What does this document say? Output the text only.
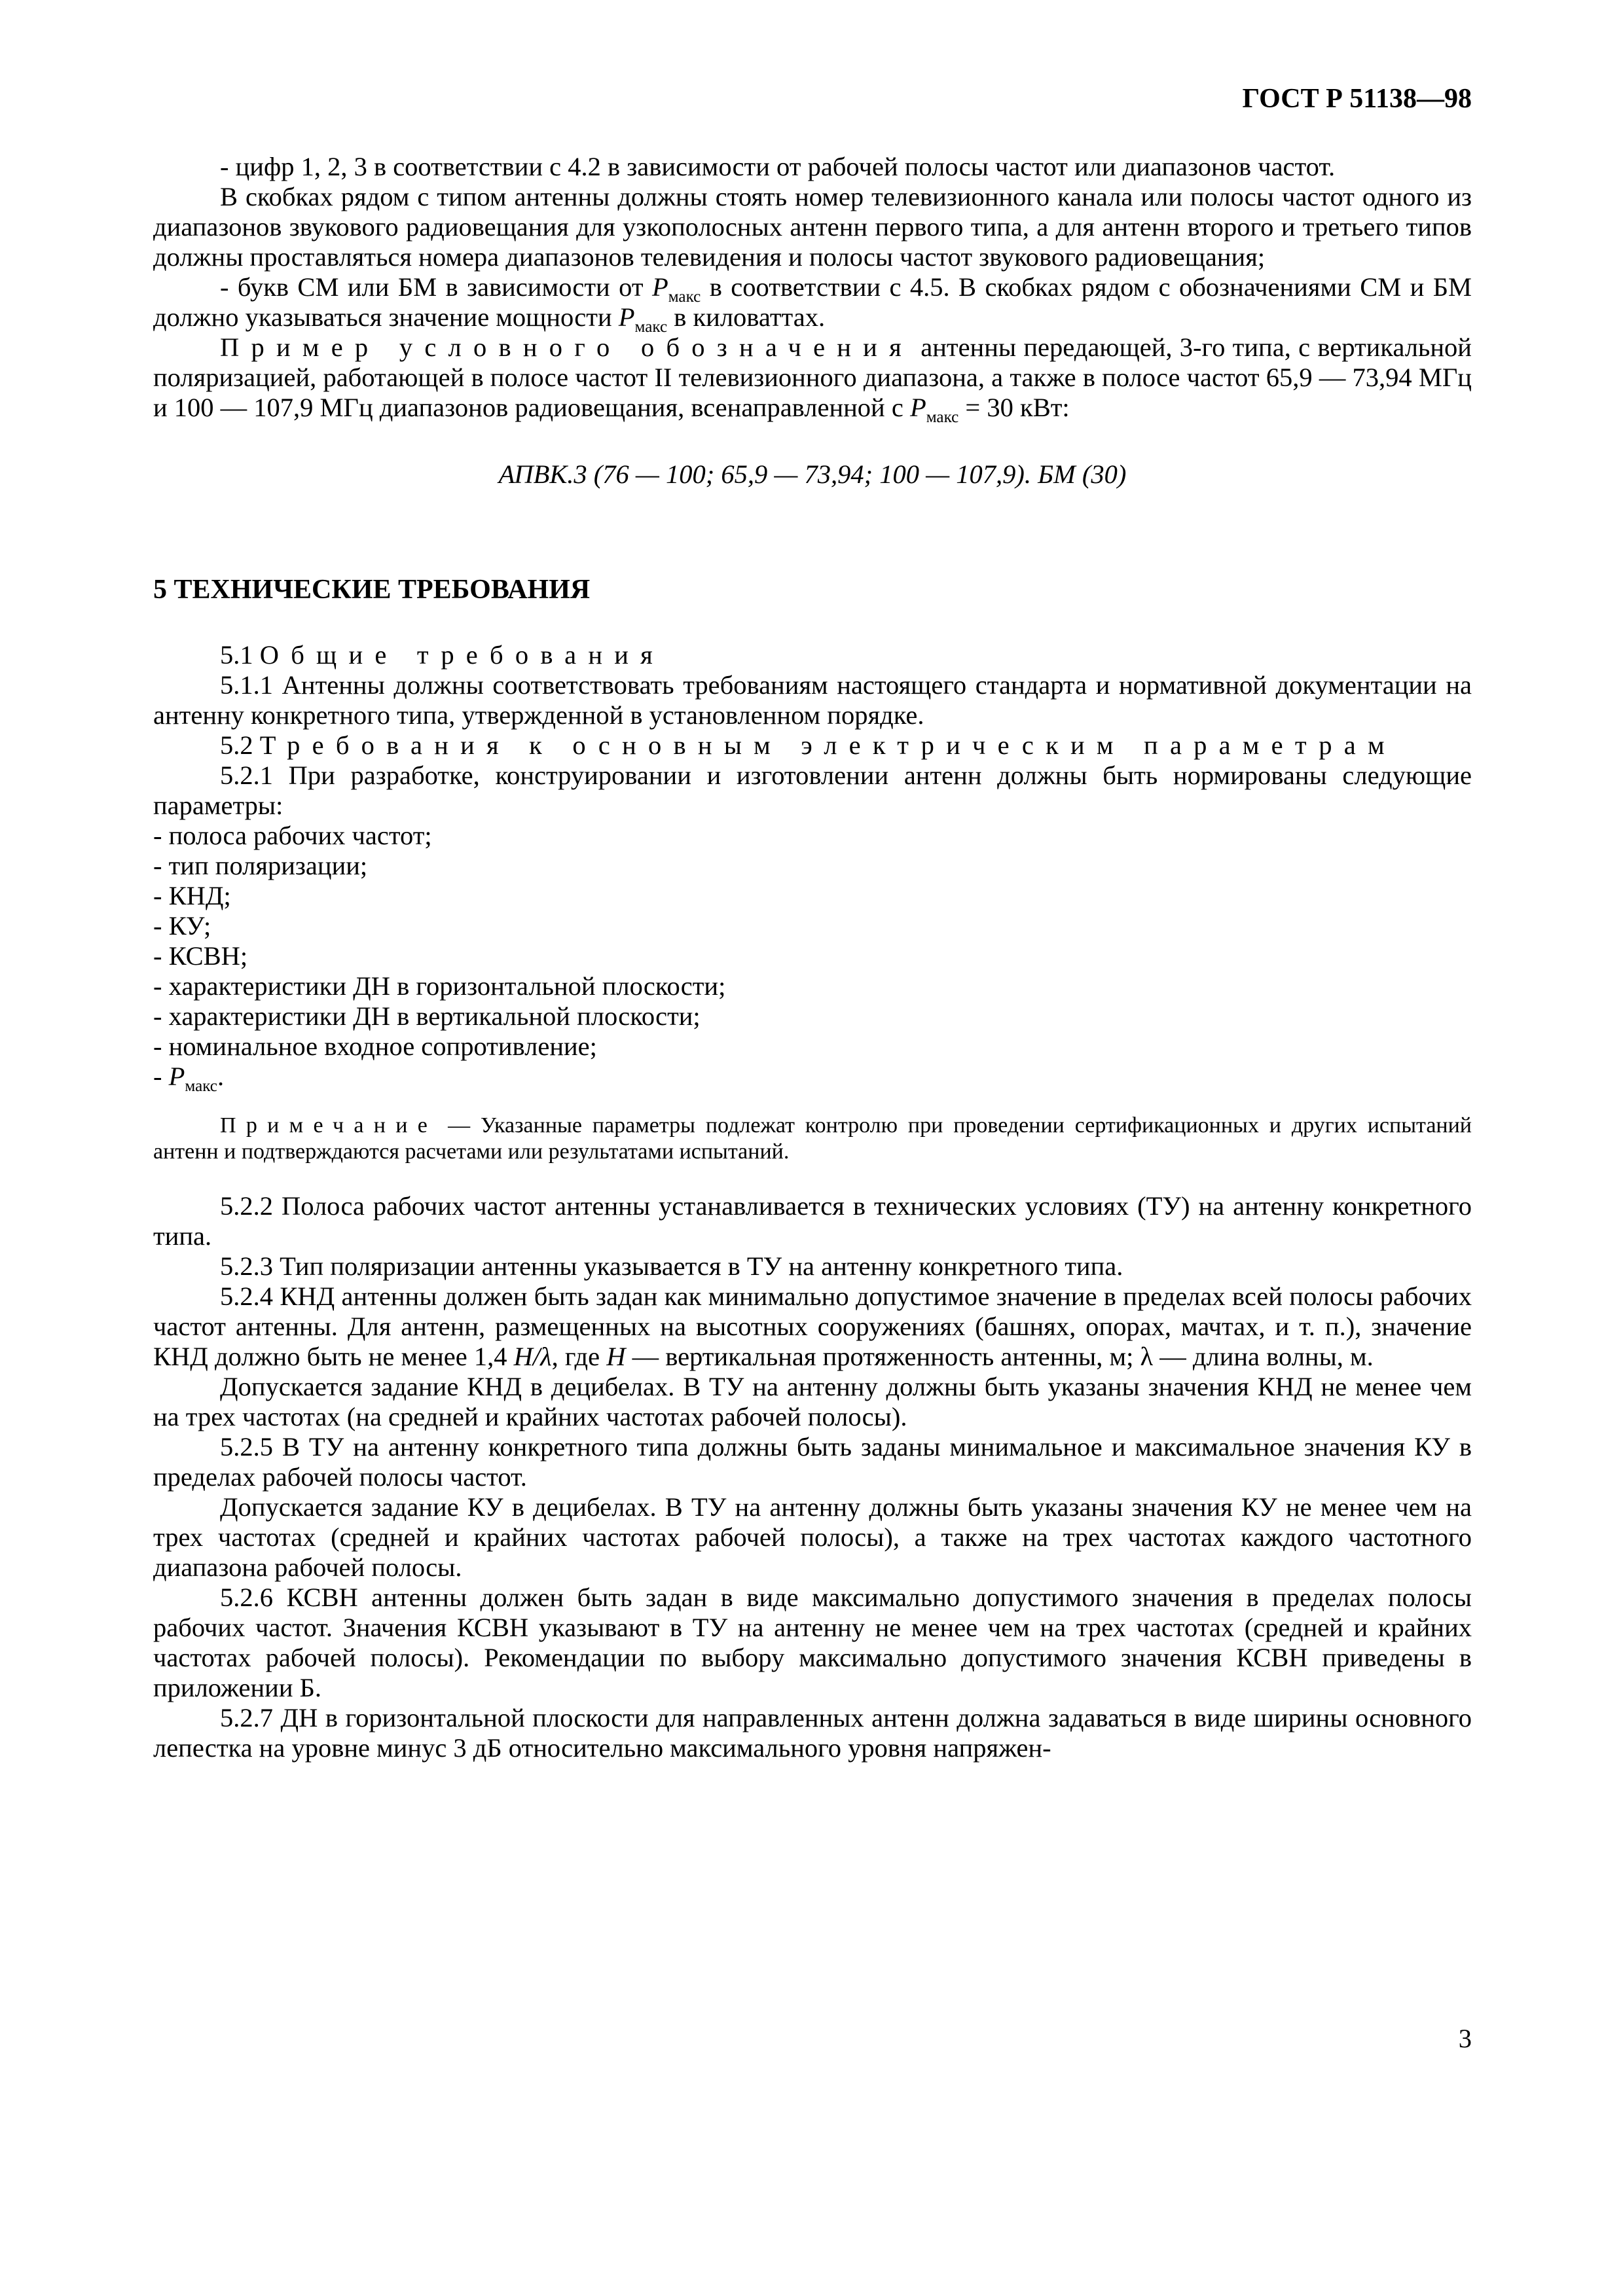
ГОСТ Р 51138—98

- цифр 1, 2, 3 в соответствии с 4.2 в зависимости от рабочей полосы частот или диапазонов частот.

В скобках рядом с типом антенны должны стоять номер телевизионного канала или полосы частот одного из диапазонов звукового радиовещания для узкополосных антенн первого типа, а для антенн второго и третьего типов должны проставляться номера диапазонов телевидения и полосы частот звукового радиовещания;

- букв СМ или БМ в зависимости от $P_{макс}$ в соответствии с 4.5. В скобках рядом с обозначениями СМ и БМ должно указываться значение мощности $P_{макс}$ в киловаттах.

Пример условного обозначения антенны передающей, 3-го типа, с вертикальной поляризацией, работающей в полосе частот II телевизионного диапазона, а также в полосе частот 65,9 — 73,94 МГц и 100 — 107,9 МГц диапазонов радиовещания, всенаправленной с $P_{макс} = 30$ кВт:

АПВК.3 (76 — 100; 65,9 — 73,94; 100 — 107,9). БМ (30)

5 ТЕХНИЧЕСКИЕ ТРЕБОВАНИЯ

5.1 Общие требования

5.1.1 Антенны должны соответствовать требованиям настоящего стандарта и нормативной документации на антенну конкретного типа, утвержденной в установленном порядке.

5.2 Требования к основным электрическим параметрам

5.2.1 При разработке, конструировании и изготовлении антенн должны быть нормированы следующие параметры:

- полоса рабочих частот;

- тип поляризации;

- КНД;

- КУ;

- КСВН;

- характеристики ДН в горизонтальной плоскости;

- характеристики ДН в вертикальной плоскости;

- номинальное входное сопротивление;

- $P_{макс}$.

Примечание — Указанные параметры подлежат контролю при проведении сертификационных и других испытаний антенн и подтверждаются расчетами или результатами испытаний.

5.2.2 Полоса рабочих частот антенны устанавливается в технических условиях (ТУ) на антенну конкретного типа.

5.2.3 Тип поляризации антенны указывается в ТУ на антенну конкретного типа.

5.2.4 КНД антенны должен быть задан как минимально допустимое значение в пределах всей полосы рабочих частот антенны. Для антенн, размещенных на высотных сооружениях (башнях, опорах, мачтах, и т. п.), значение КНД должно быть не менее 1,4 H/λ, где H — вертикальная протяженность антенны, м; λ — длина волны, м.

Допускается задание КНД в децибелах. В ТУ на антенну должны быть указаны значения КНД не менее чем на трех частотах (на средней и крайних частотах рабочей полосы).

5.2.5 В ТУ на антенну конкретного типа должны быть заданы минимальное и максимальное значения КУ в пределах рабочей полосы частот.

Допускается задание КУ в децибелах. В ТУ на антенну должны быть указаны значения КУ не менее чем на трех частотах (средней и крайних частотах рабочей полосы), а также на трех частотах каждого частотного диапазона рабочей полосы.

5.2.6 КСВН антенны должен быть задан в виде максимально допустимого значения в пределах полосы рабочих частот. Значения КСВН указывают в ТУ на антенну не менее чем на трех частотах (средней и крайних частотах рабочей полосы). Рекомендации по выбору максимально допустимого значения КСВН приведены в приложении Б.

5.2.7 ДН в горизонтальной плоскости для направленных антенн должна задаваться в виде ширины основного лепестка на уровне минус 3 дБ относительно максимального уровня напряжен-

3
